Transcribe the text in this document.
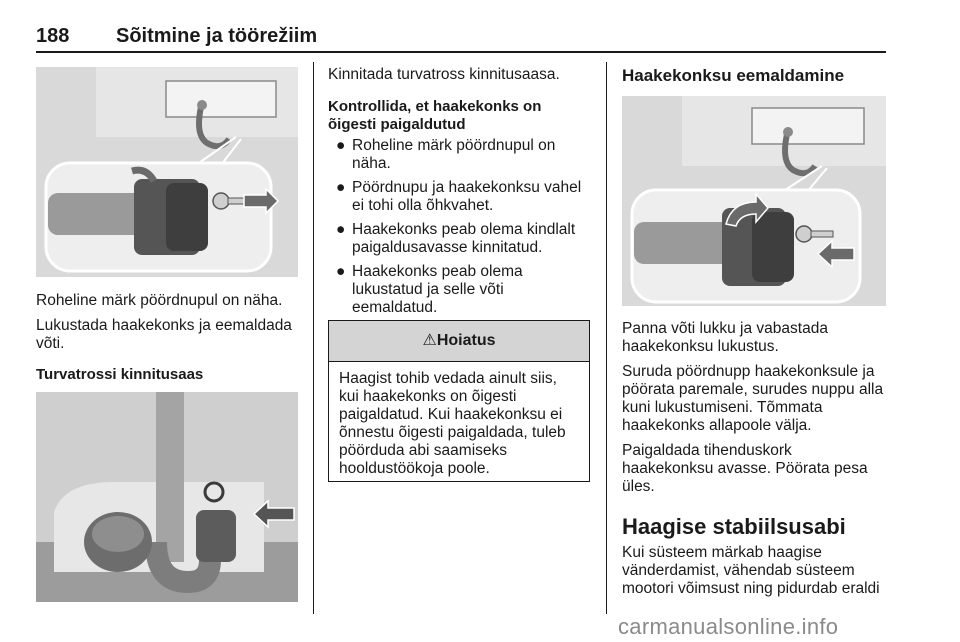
188 Sõitmine ja töörežiim

Roheline märk pöördnupul on näha.

Lukustada haakekonks ja eemaldada võti.

Turvatrossi kinnitusaas

Kinnitada turvatross kinnitusaasa.

Kontrollida, et haakekonks on õigesti paigaldutud

● Roheline märk pöördnupul on näha.
● Pöördnupu ja haakekonksu vahel ei tohi olla õhkvahet.
● Haakekonks peab olema kindlalt paigaldusavasse kinnitatud.
● Haakekonks peab olema lukustatud ja selle võti eemaldatud.
⚠Hoiatus
Haagist tohib vedada ainult siis, kui haakekonks on õigesti paigaldatud. Kui haakekonksu ei õnnestu õigesti paigaldada, tuleb pöörduda abi saamiseks hooldustöökoja poole.

Haakekonksu eemaldamine

Panna võti lukku ja vabastada haakekonksu lukustus.

Suruda pöördnupp haakekonksule ja pöörata paremale, surudes nuppu alla kuni lukustumiseni. Tõmmata haakekonks allapoole välja.

Paigaldada tihenduskork haakekonksu avasse. Pöörata pesa üles.

Haagise stabiilsusabi

Kui süsteem märkab haagise vänderdamist, vähendab süsteem mootori võimsust ning pidurdab eraldi

carmanualsonline.info
